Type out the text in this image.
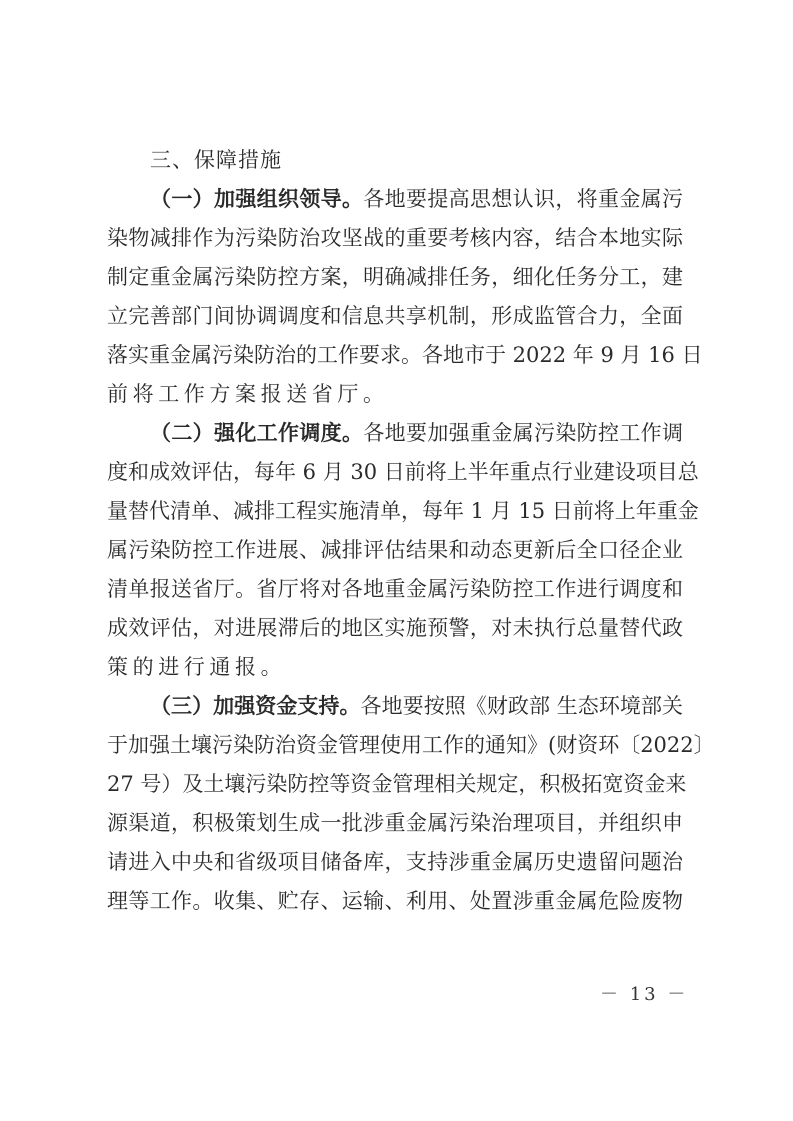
三、保障措施
（一）加强组织领导。各地要提高思想认识，将重金属污
染物减排作为污染防治攻坚战的重要考核内容，结合本地实际
制定重金属污染防控方案，明确减排任务，细化任务分工，建
立完善部门间协调调度和信息共享机制，形成监管合力，全面
落实重金属污染防治的工作要求。各地市于 2022 年 9 月 16 日
前将工作方案报送省厅。
（二）强化工作调度。各地要加强重金属污染防控工作调
度和成效评估，每年 6 月 30 日前将上半年重点行业建设项目总
量替代清单、减排工程实施清单，每年 1 月 15 日前将上年重金
属污染防控工作进展、减排评估结果和动态更新后全口径企业
清单报送省厅。省厅将对各地重金属污染防控工作进行调度和
成效评估，对进展滞后的地区实施预警，对未执行总量替代政
策的进行通报。
（三）加强资金支持。各地要按照《财政部 生态环境部关
于加强土壤污染防治资金管理使用工作的通知》(财资环〔2022〕
27 号）及土壤污染防控等资金管理相关规定，积极拓宽资金来
源渠道，积极策划生成一批涉重金属污染治理项目，并组织申
请进入中央和省级项目储备库，支持涉重金属历史遗留问题治
理等工作。收集、贮存、运输、利用、处置涉重金属危险废物
－ 13 －
